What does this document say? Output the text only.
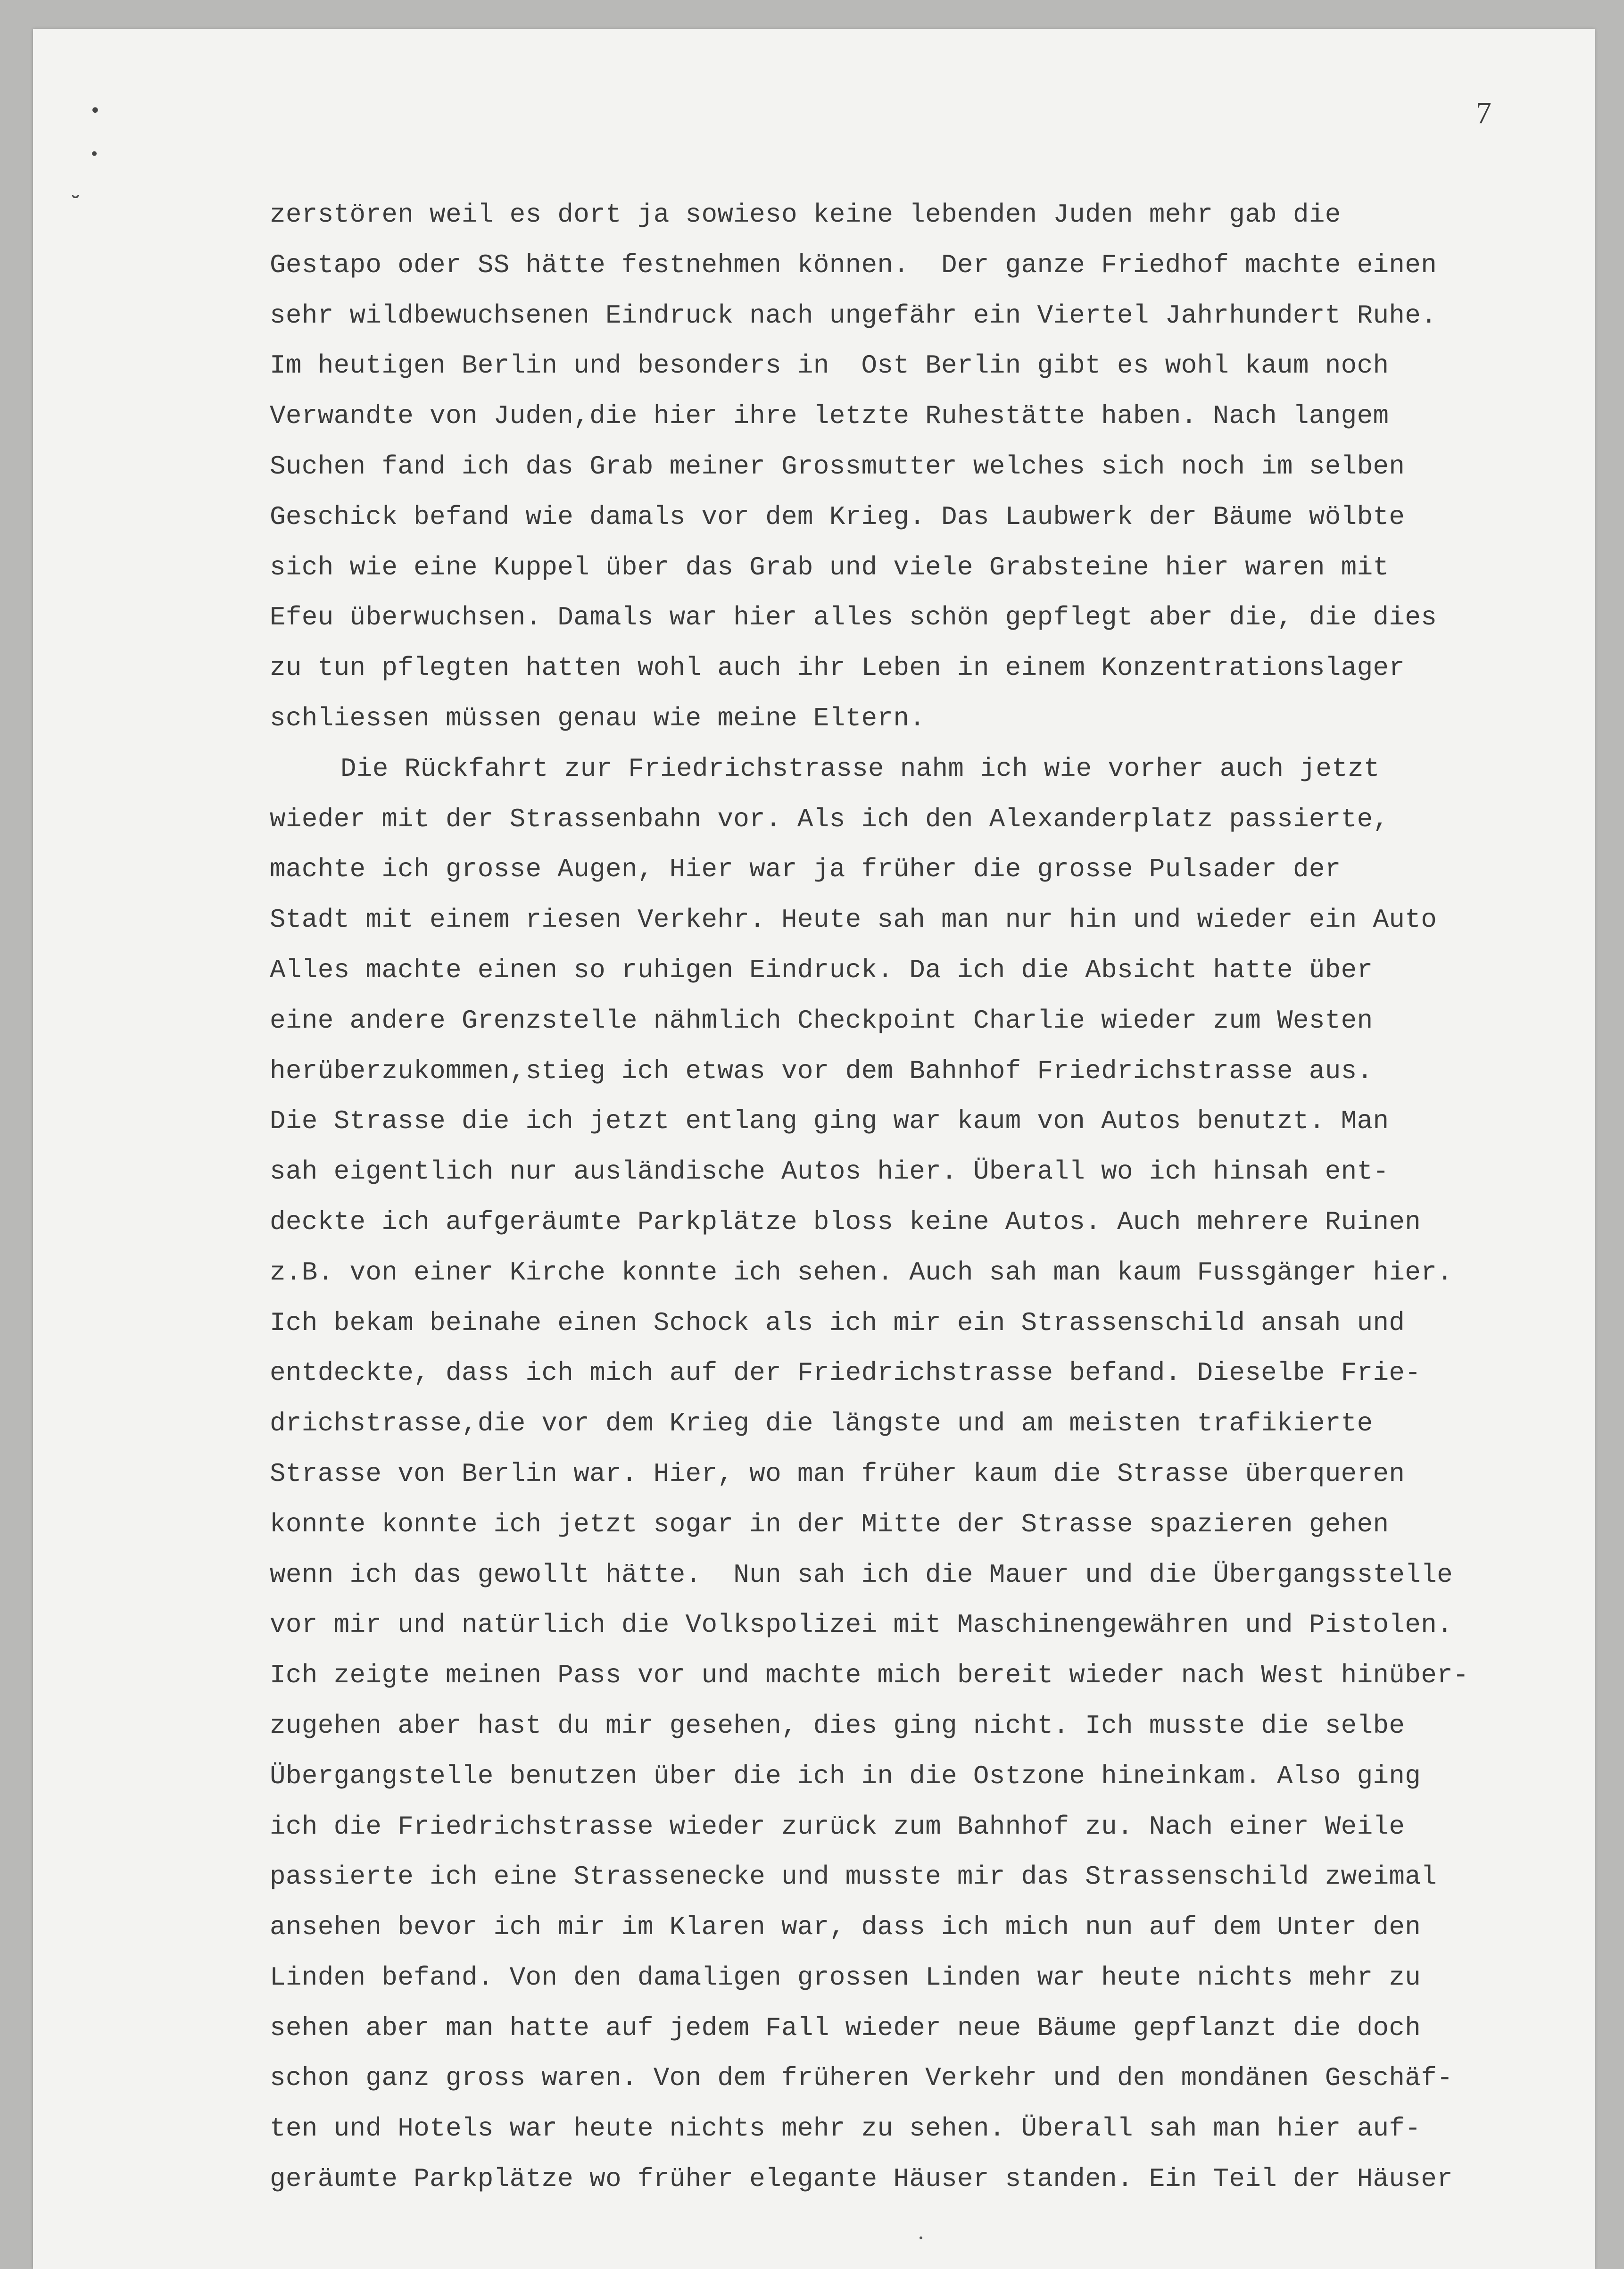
7
•
•
˘	zerstören weil es dort ja sowieso keine lebenden Juden mehr gab die
Gestapo oder SS hätte festnehmen können.  Der ganze Friedhof machte einen
sehr wildbewuchsenen Eindruck nach ungefähr ein Viertel Jahrhundert Ruhe.
Im heutigen Berlin und besonders in  Ost Berlin gibt es wohl kaum noch
Verwandte von Juden,die hier ihre letzte Ruhestätte haben. Nach langem
Suchen fand ich das Grab meiner Grossmutter welches sich noch im selben
Geschick befand wie damals vor dem Krieg. Das Laubwerk der Bäume wölbte
sich wie eine Kuppel über das Grab und viele Grabsteine hier waren mit
Efeu überwuchsen. Damals war hier alles schön gepflegt aber die, die dies
zu tun pflegten hatten wohl auch ihr Leben in einem Konzentrationslager
schliessen müssen genau wie meine Eltern.
Die Rückfahrt zur Friedrichstrasse nahm ich wie vorher auch jetzt
wieder mit der Strassenbahn vor. Als ich den Alexanderplatz passierte,
machte ich grosse Augen, Hier war ja früher die grosse Pulsader der
Stadt mit einem riesen Verkehr. Heute sah man nur hin und wieder ein Auto
Alles machte einen so ruhigen Eindruck. Da ich die Absicht hatte über
eine andere Grenzstelle nähmlich Checkpoint Charlie wieder zum Westen
herüberzukommen,stieg ich etwas vor dem Bahnhof Friedrichstrasse aus.
Die Strasse die ich jetzt entlang ging war kaum von Autos benutzt. Man
sah eigentlich nur ausländische Autos hier. Überall wo ich hinsah ent-
deckte ich aufgeräumte Parkplätze bloss keine Autos. Auch mehrere Ruinen
z.B. von einer Kirche konnte ich sehen. Auch sah man kaum Fussgänger hier.
Ich bekam beinahe einen Schock als ich mir ein Strassenschild ansah und
entdeckte, dass ich mich auf der Friedrichstrasse befand. Dieselbe Frie-
drichstrasse,die vor dem Krieg die längste und am meisten trafikierte
Strasse von Berlin war. Hier, wo man früher kaum die Strasse überqueren
konnte konnte ich jetzt sogar in der Mitte der Strasse spazieren gehen
wenn ich das gewollt hätte.  Nun sah ich die Mauer und die Übergangsstelle
vor mir und natürlich die Volkspolizei mit Maschinengewähren und Pistolen.
Ich zeigte meinen Pass vor und machte mich bereit wieder nach West hinüber-
zugehen aber hast du mir gesehen, dies ging nicht. Ich musste die selbe
Übergangstelle benutzen über die ich in die Ostzone hineinkam. Also ging
ich die Friedrichstrasse wieder zurück zum Bahnhof zu. Nach einer Weile
passierte ich eine Strassenecke und musste mir das Strassenschild zweimal
ansehen bevor ich mir im Klaren war, dass ich mich nun auf dem Unter den
Linden befand. Von den damaligen grossen Linden war heute nichts mehr zu
sehen aber man hatte auf jedem Fall wieder neue Bäume gepflanzt die doch
schon ganz gross waren. Von dem früheren Verkehr und den mondänen Geschäf-
ten und Hotels war heute nichts mehr zu sehen. Überall sah man hier auf-
geräumte Parkplätze wo früher elegante Häuser standen. Ein Teil der Häuser
